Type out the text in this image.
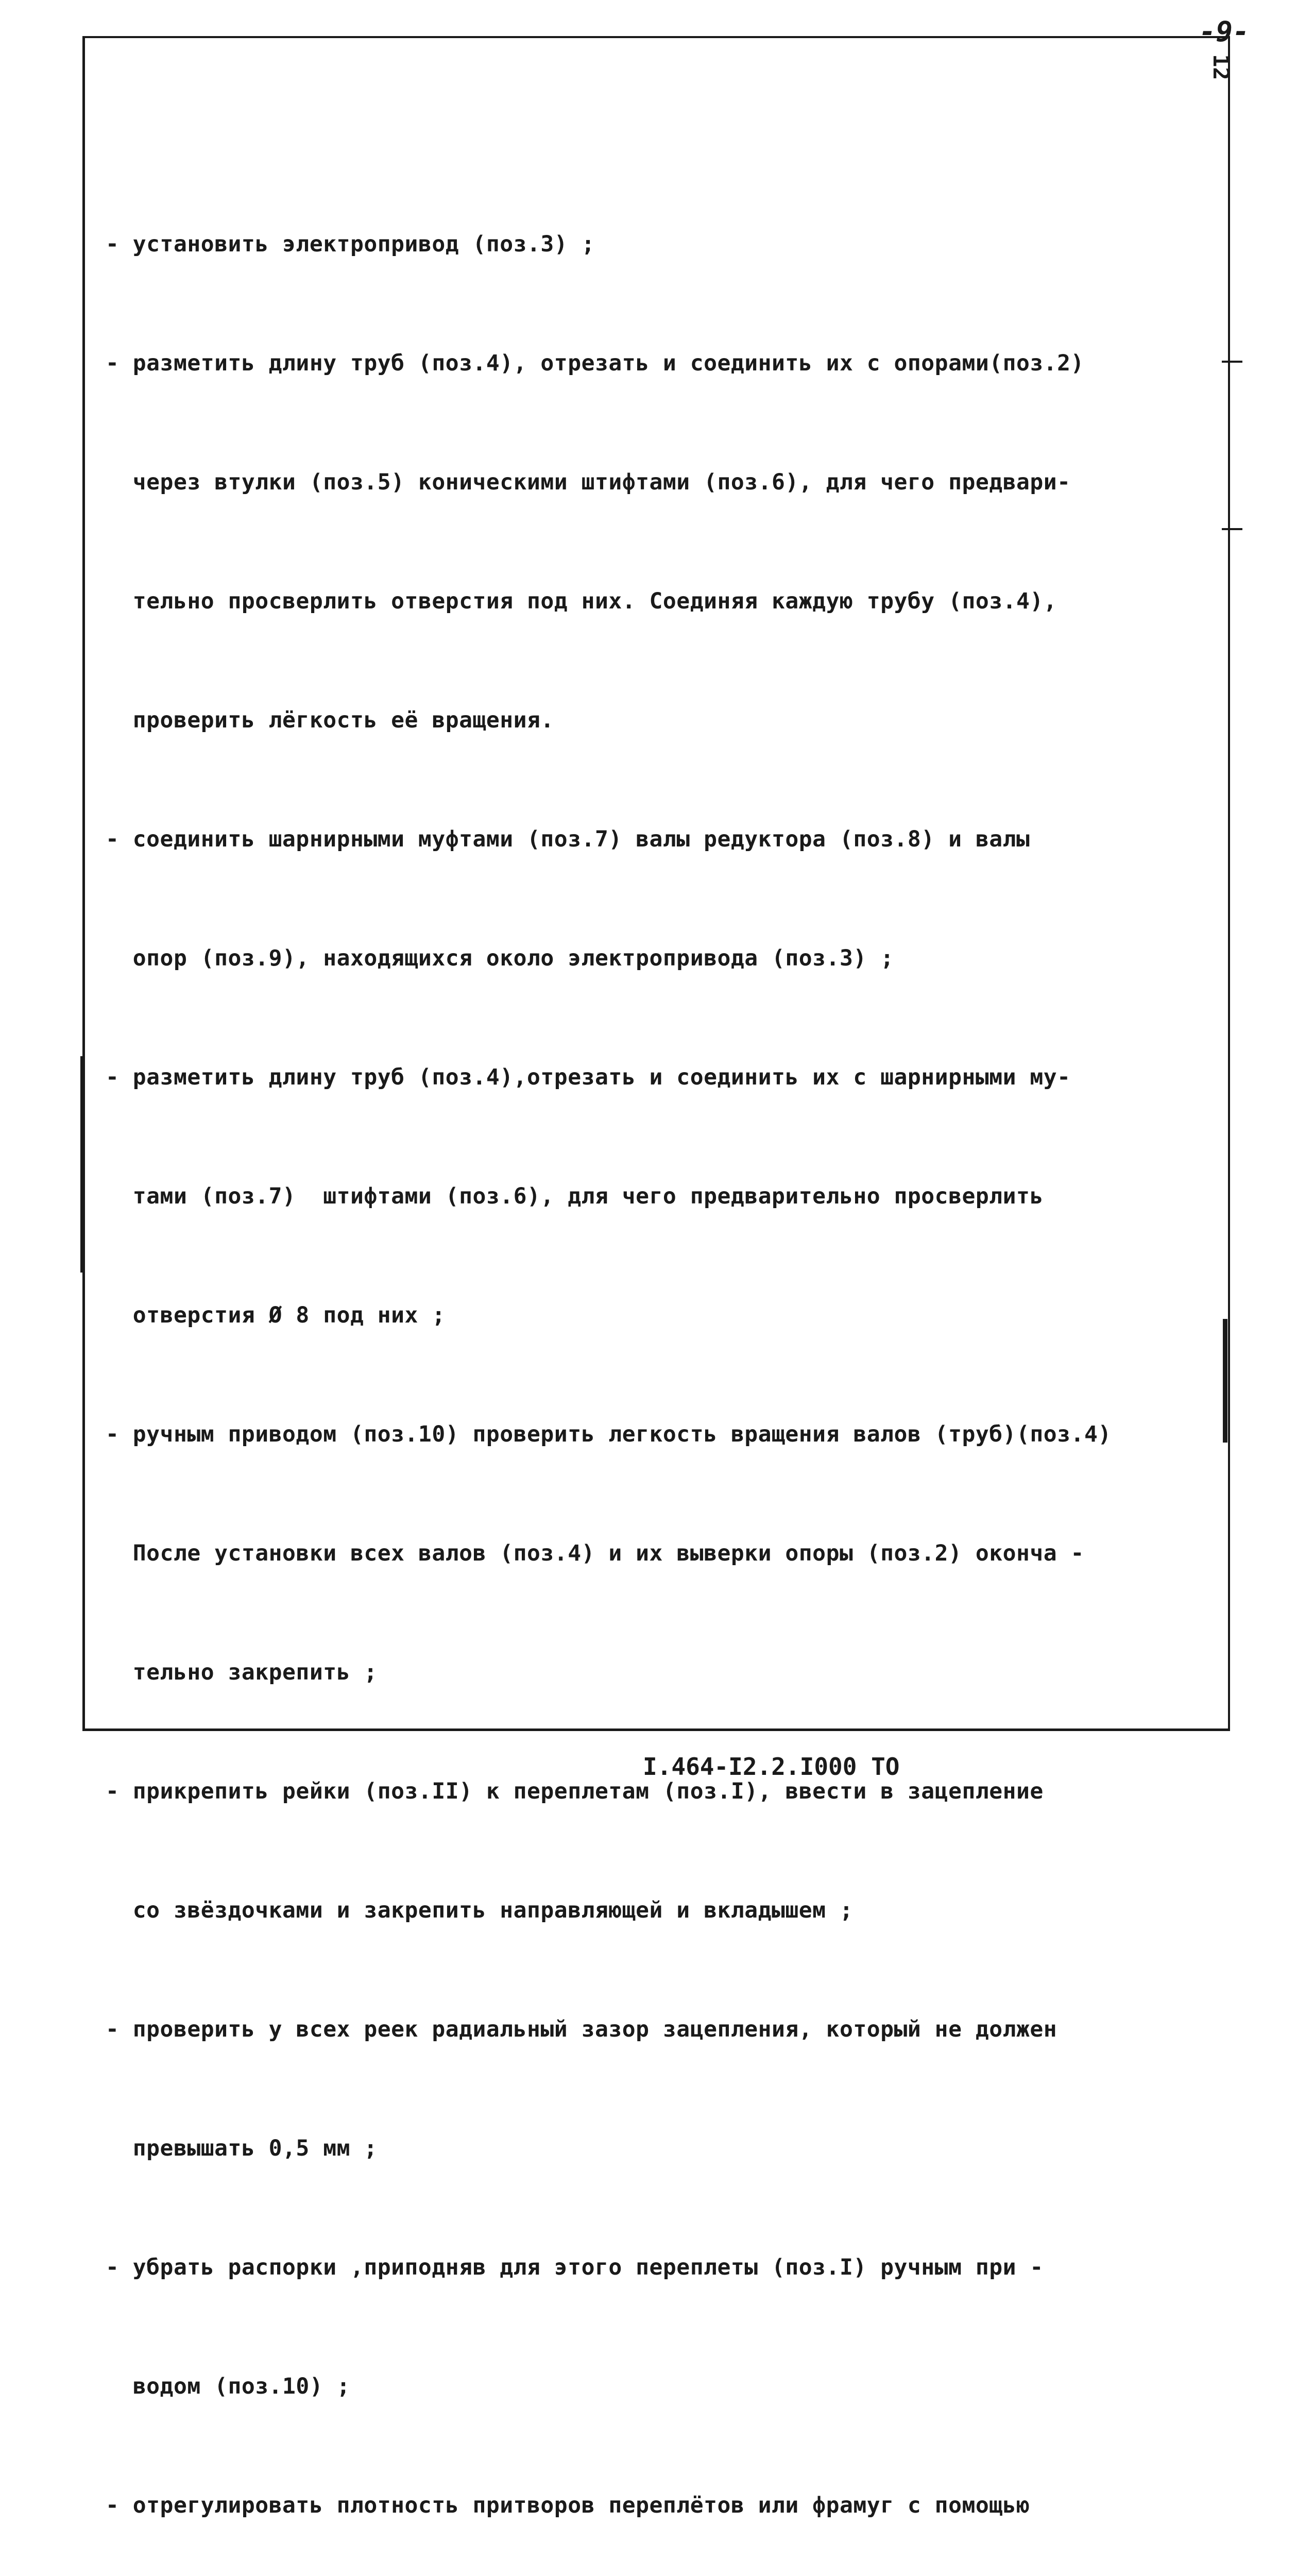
-9-
12

- установить электропривод (поз.3) ;

- разметить длину труб (поз.4), отрезать и соединить их с опорами(поз.2)

через втулки (поз.5) коническими штифтами (поз.6), для чего предвари-

тельно просверлить отверстия под них. Соединяя каждую трубу (поз.4),

проверить лёгкость её вращения.

- соединить шарнирными муфтами (поз.7) валы редуктора (поз.8) и валы

опор (поз.9), находящихся около электропривода (поз.3) ;

- разметить длину труб (поз.4),отрезать и соединить их с шарнирными му-

тами (поз.7)  штифтами (поз.6), для чего предварительно просверлить

отверстия Ø 8 под них ;

- ручным приводом (поз.10) проверить легкость вращения валов (труб)(поз.4)

После установки всех валов (поз.4) и их выверки опоры (поз.2) оконча -

тельно закрепить ;

- прикрепить рейки (поз.II) к переплетам (поз.I), ввести в зацепление

со звёздочками и закрепить направляющей и вкладышем ;

- проверить у всех реек радиальный зазор зацепления, который не должен

превышать 0,5 мм ;

- убрать распорки ,приподняв для этого переплеты (поз.I) ручным при -

водом (поз.10) ;

- отрегулировать плотность притворов переплётов или фрамуг с помощью

I.464-I2.2.I000 ТО
